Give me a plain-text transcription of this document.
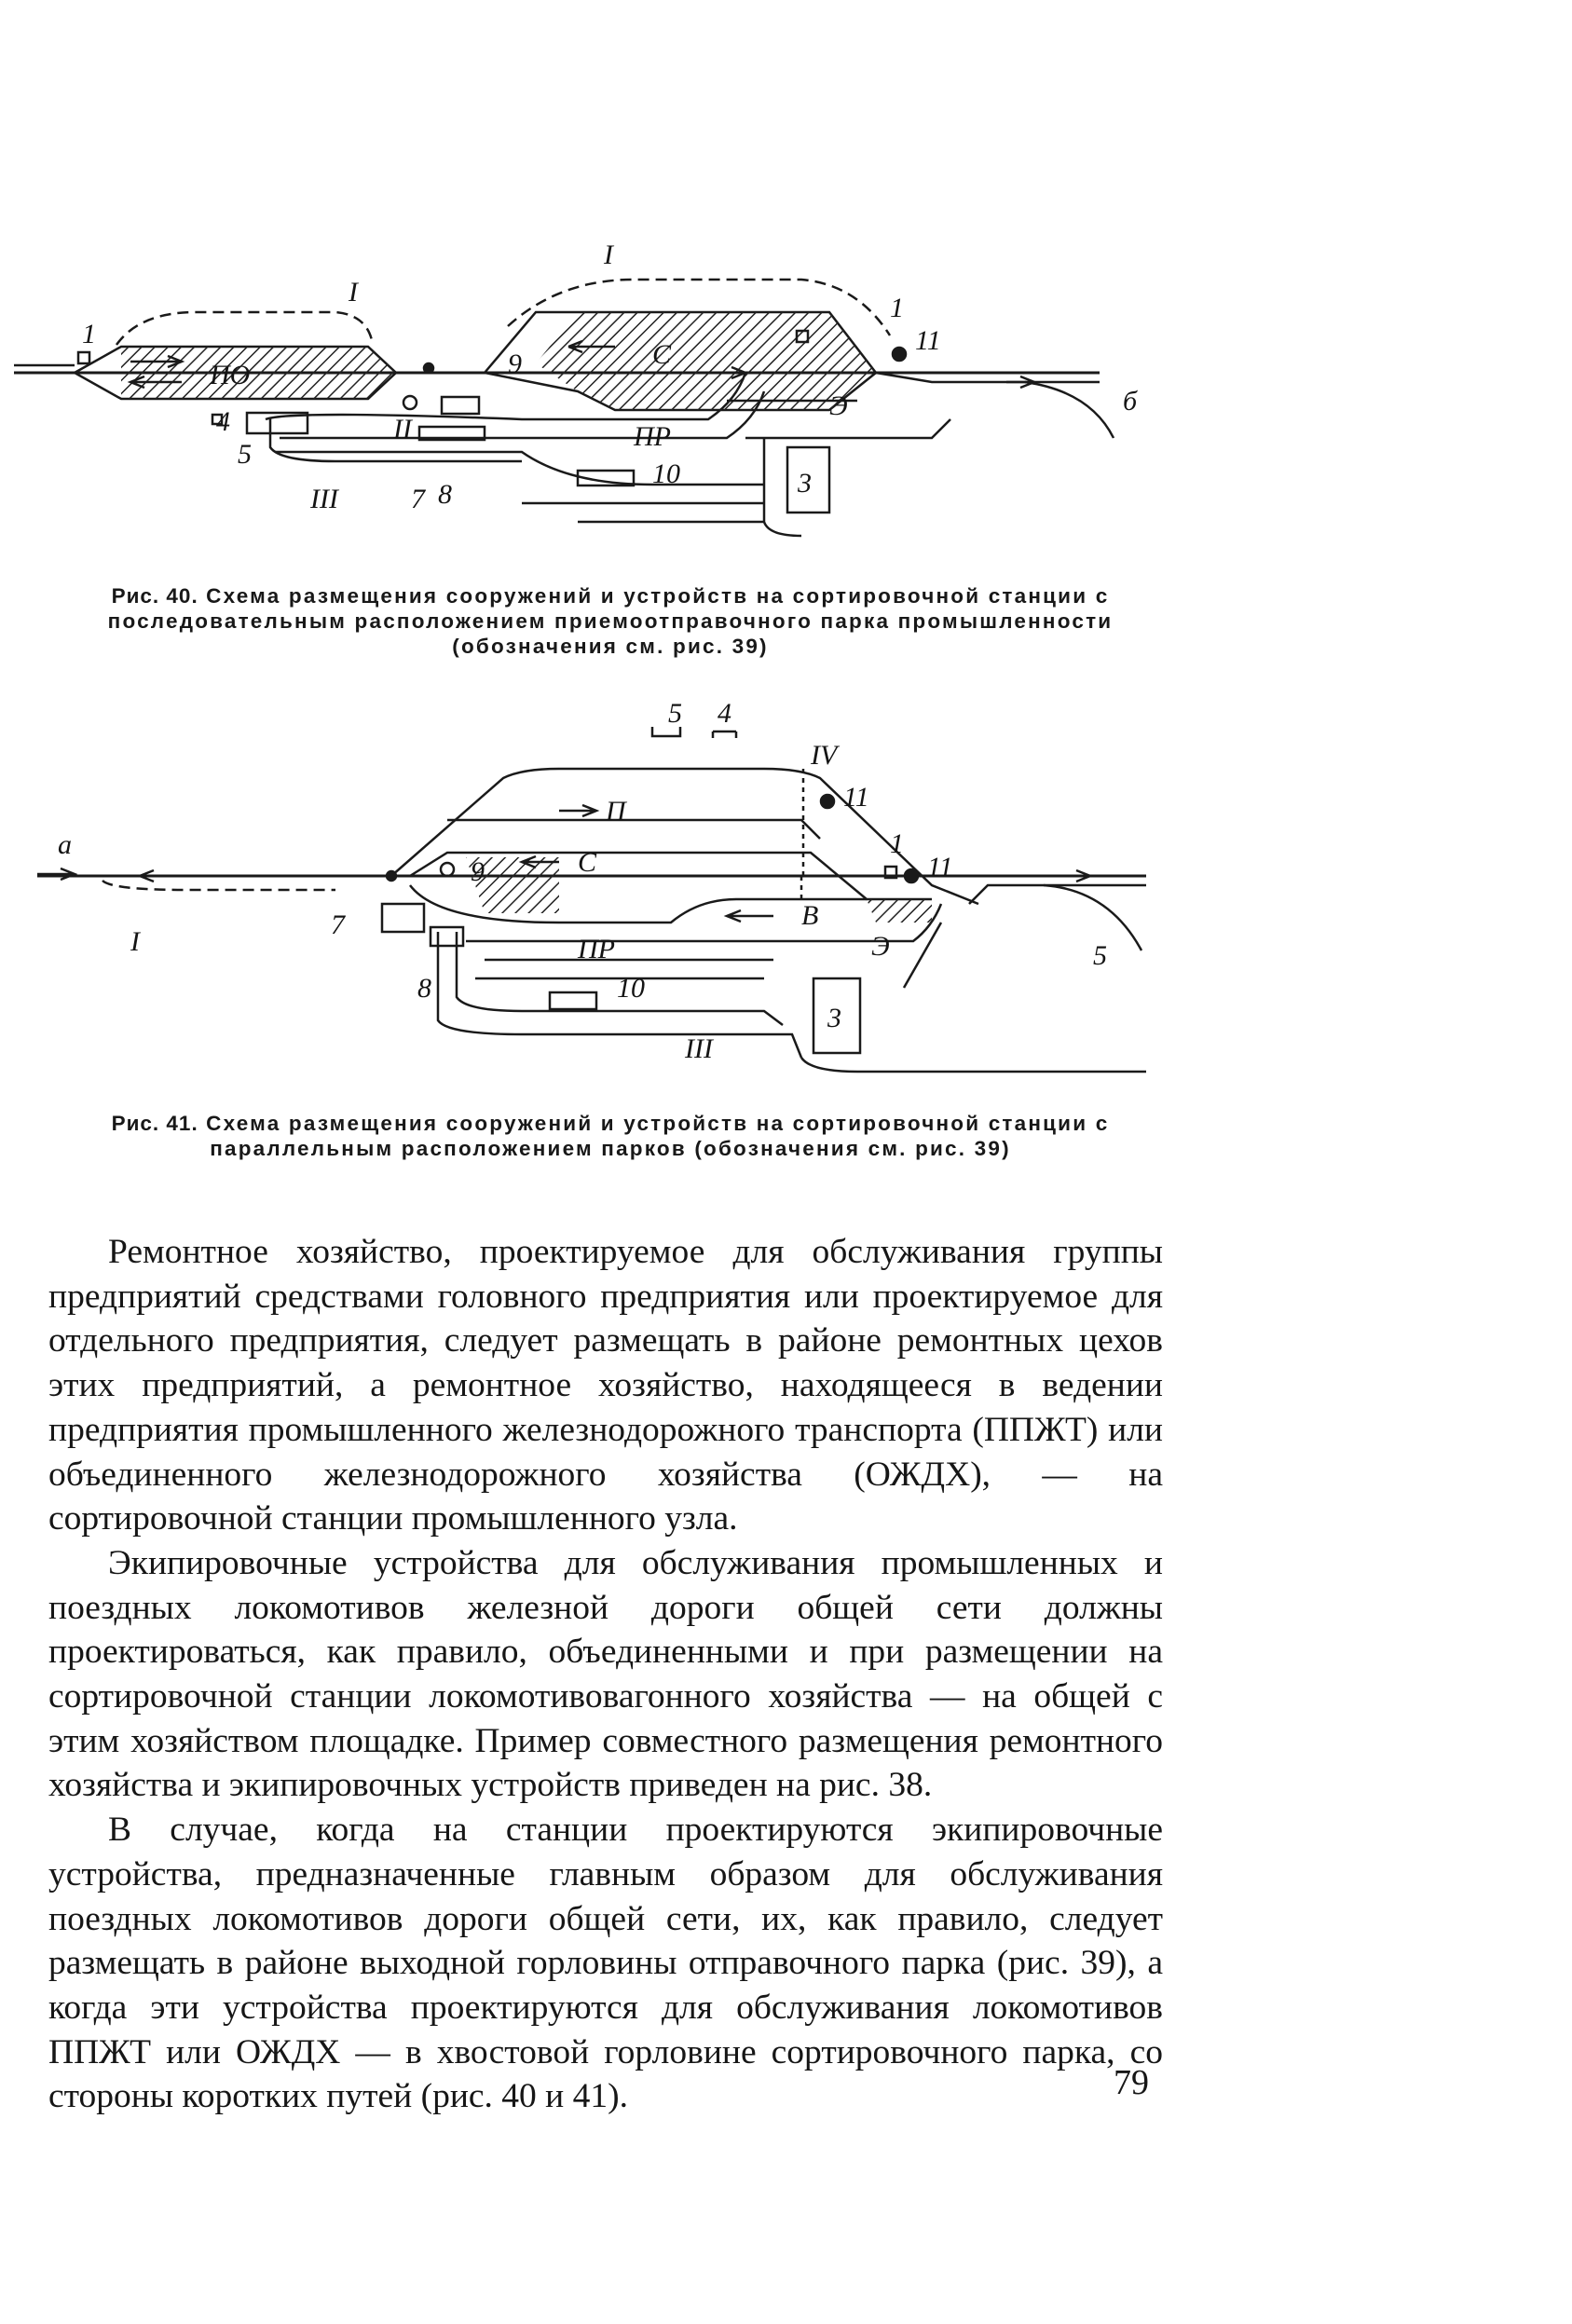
I
I
1
1
11
ПО
С
9
4
5
II
III	7 8
ПР
10	3
Э	б
Рис. 40. Схема размещения сооружений и устройств на сортировочной станции с последовательным расположением приемоотправочного парка промышленности (обозначения см. рис. 39)
а
5 4
IV
11
1
11
П
С
9
I
7
8
ПР
10
В
Э
3
III
5
Рис. 41. Схема размещения сооружений и устройств на сортировочной станции с параллельным расположением парков (обозначения см. рис. 39)

Ремонтное хозяйство, проектируемое для обслуживания группы предприятий средствами головного предприятия или проектируемое для отдельного предприятия, следует размещать в районе ремонтных цехов этих предприятий, а ремонтное хозяйство, находящееся в ведении предприятия промышленного железнодорожного транспорта (ППЖТ) или объединенного железнодорожного хозяйства (ОЖДХ), — на сортировочной станции промышленного узла.

Экипировочные устройства для обслуживания промышленных и поездных локомотивов железной дороги общей сети должны проектироваться, как правило, объединенными и при размещении на сортировочной станции локомотивовагонного хозяйства — на общей с этим хозяйством площадке. Пример совместного размещения ремонтного хозяйства и экипировочных устройств приведен на рис. 38.

В случае, когда на станции проектируются экипировочные устройства, предназначенные главным образом для обслуживания поездных локомотивов дороги общей сети, их, как правило, следует размещать в районе выходной горловины отправочного парка (рис. 39), а когда эти устройства проектируются для обслуживания локомотивов ППЖТ или ОЖДХ — в хвостовой горловине сортировочного парка, со стороны коротких путей (рис. 40 и 41).	79
